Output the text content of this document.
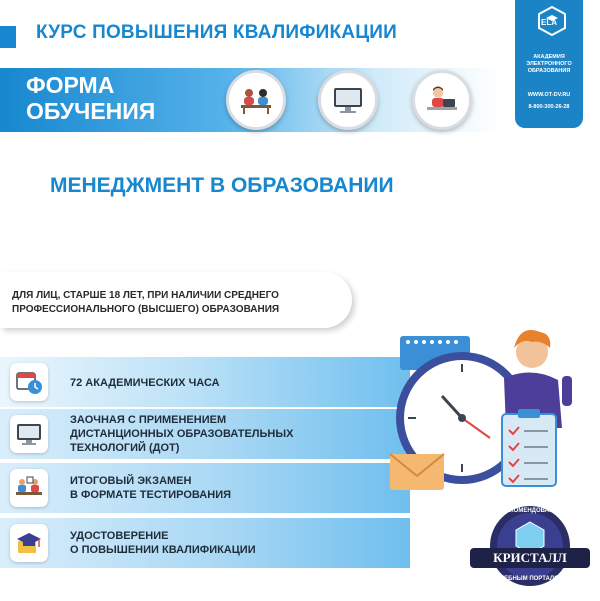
КУРС ПОВЫШЕНИЯ КВАЛИФИКАЦИИ
ФОРМА
ОБУЧЕНИЯ
ELA
АКАДЕМИЯ
ЭЛЕКТРОННОГО
ОБРАЗОВАНИЯ
WWW.OT-DV.RU
8-800-300-26-28
МЕНЕДЖМЕНТ В ОБРАЗОВАНИИ
ДЛЯ ЛИЦ, СТАРШЕ 18 ЛЕТ, ПРИ НАЛИЧИИ СРЕДНЕГО
ПРОФЕССИОНАЛЬНОГО (ВЫСШЕГО) ОБРАЗОВАНИЯ
72 АКАДЕМИЧЕСКИХ ЧАСА
ЗАОЧНАЯ С ПРИМЕНЕНИЕМ
ДИСТАНЦИОННЫХ ОБРАЗОВАТЕЛЬНЫХ
ТЕХНОЛОГИЙ (ДОТ)
ИТОГОВЫЙ ЭКЗАМЕН
В ФОРМАТЕ ТЕСТИРОВАНИЯ
УДОСТОВЕРЕНИЕ
О ПОВЫШЕНИИ КВАЛИФИКАЦИИ
РЕКОМЕНДОВАНО
КРИСТАЛЛ
УЧЕБНЫМ ПОРТАЛОМ
